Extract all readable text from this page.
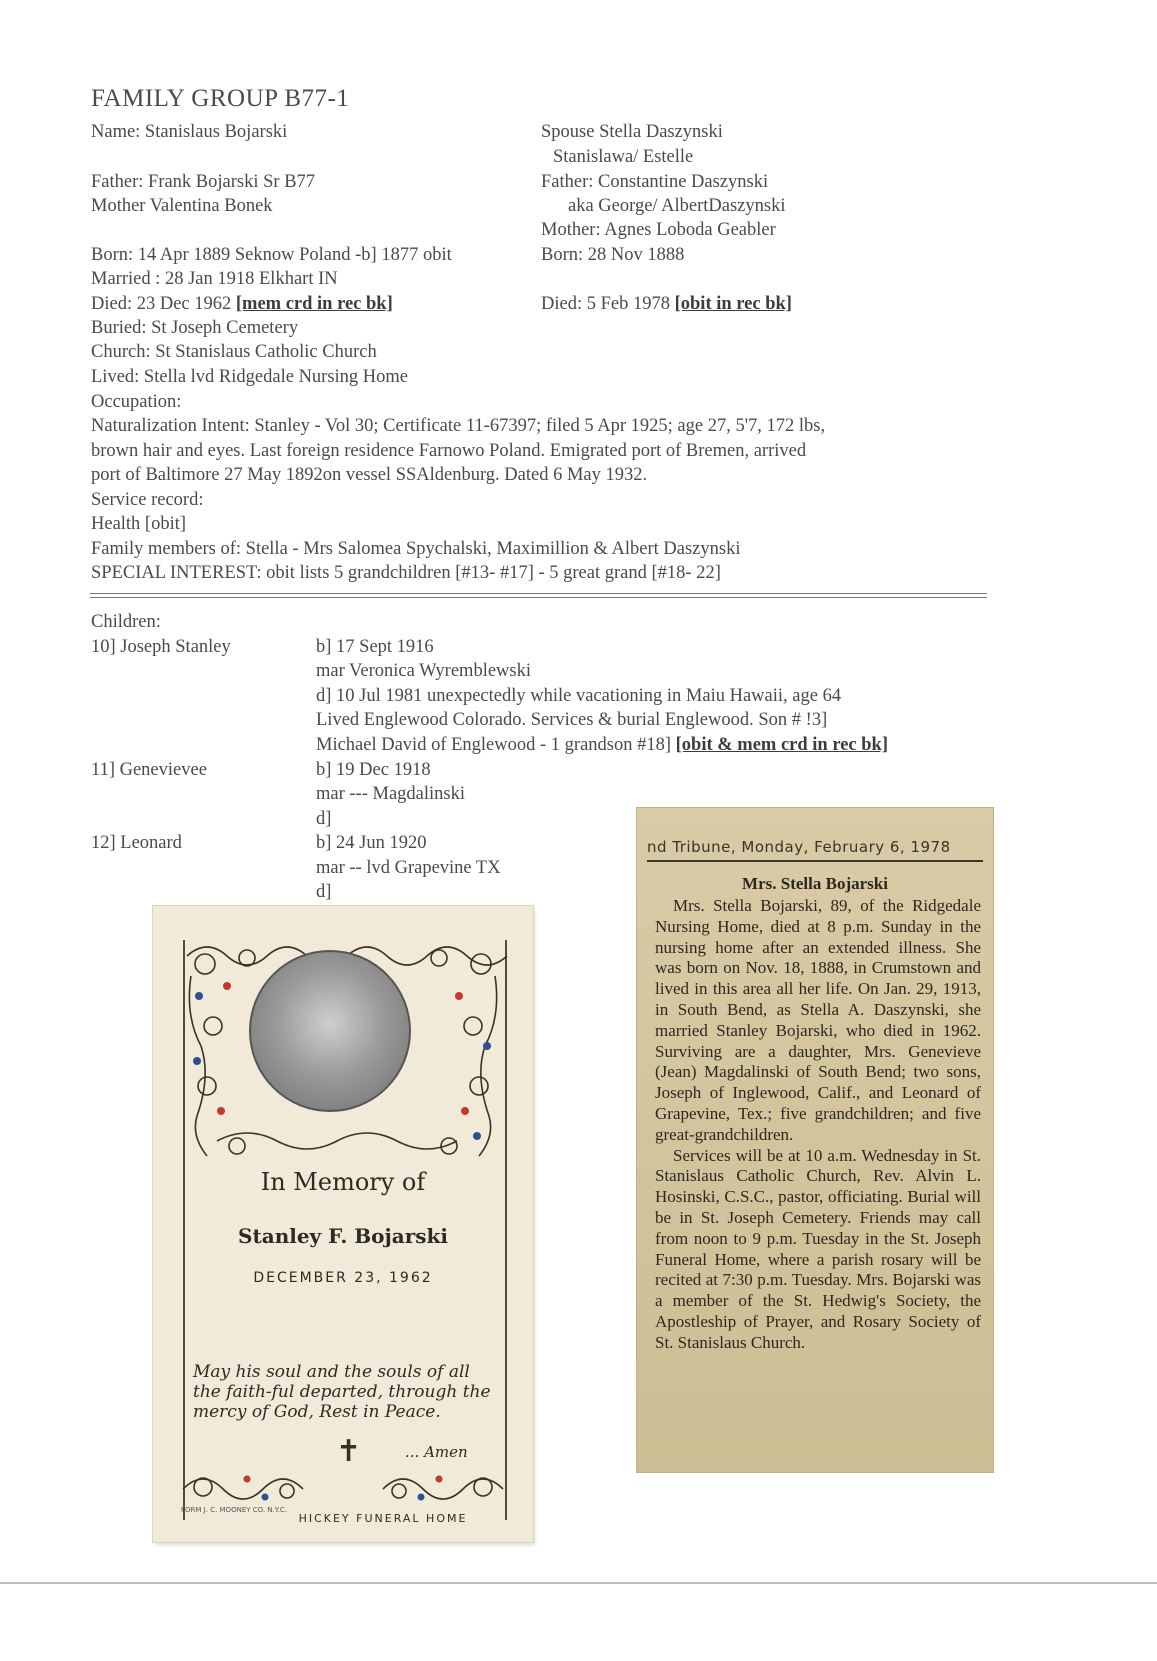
FAMILY GROUP B77-1
Name: Stanislaus Bojarski
Father: Frank Bojarski Sr B77
Mother Valentina Bonek
Born: 14 Apr 1889 Seknow Poland -b] 1877 obit
Married : 28 Jan 1918 Elkhart IN
Died: 23 Dec 1962 [mem crd in rec bk]
Buried: St Joseph Cemetery
Church: St Stanislaus Catholic Church
Lived: Stella lvd Ridgedale Nursing Home
Occupation:
Spouse Stella Daszynski
Stanislawa/ Estelle
Father: Constantine Daszynski
aka George/ AlbertDaszynski
Mother: Agnes Loboda Geabler
Born: 28 Nov 1888
Died: 5 Feb 1978 [obit in rec bk]
Naturalization Intent: Stanley - Vol 30; Certificate 11-67397; filed 5 Apr 1925; age 27, 5'7, 172 lbs,
brown hair and eyes. Last foreign residence Farnowo Poland. Emigrated port of Bremen, arrived
port of Baltimore 27 May 1892on vessel SSAldenburg. Dated 6 May 1932.
Service record:
Health [obit]
Family members of: Stella - Mrs Salomea Spychalski, Maximillion & Albert Daszynski
SPECIAL INTEREST: obit lists 5 grandchildren [#13- #17] - 5 great grand [#18- 22]
Children:
10] Joseph Stanley	b] 17 Sept 1916
mar Veronica Wyremblewski
d] 10 Jul 1981 unexpectedly while vacationing in Maiu Hawaii, age 64
Lived Englewood Colorado. Services & burial Englewood. Son # !3]
Michael David of Englewood - 1 grandson #18] [obit & mem crd in rec bk]
11] Genevievee	b] 19 Dec 1918
mar --- Magdalinski
d]
12] Leonard	b] 24 Jun 1920
mar -- lvd Grapevine TX
d]
In Memory of
Stanley F. Bojarski
DECEMBER 23, 1962
May his soul and the souls of all the faith-ful departed, through the mercy of God, Rest in Peace.
... Amen
✝
FORM J. C. MOONEY CO. N.Y.C.
HICKEY FUNERAL HOME
nd Tribune, Monday, February 6, 1978
Mrs. Stella Bojarski

Mrs. Stella Bojarski, 89, of the Ridgedale Nursing Home, died at 8 p.m. Sunday in the nursing home after an extended illness. She was born on Nov. 18, 1888, in Crumstown and lived in this area all her life. On Jan. 29, 1913, in South Bend, as Stella A. Daszynski, she married Stanley Bojarski, who died in 1962. Surviving are a daughter, Mrs. Genevieve (Jean) Magdalinski of South Bend; two sons, Joseph of Inglewood, Calif., and Leonard of Grapevine, Tex.; five grandchildren; and five great-grandchildren.

Services will be at 10 a.m. Wednesday in St. Stanislaus Catholic Church, Rev. Alvin L. Hosinski, C.S.C., pastor, officiating. Burial will be in St. Joseph Cemetery. Friends may call from noon to 9 p.m. Tuesday in the St. Joseph Funeral Home, where a parish rosary will be recited at 7:30 p.m. Tuesday. Mrs. Bojarski was a member of the St. Hedwig's Society, the Apostleship of Prayer, and Rosary Society of St. Stanislaus Church.
